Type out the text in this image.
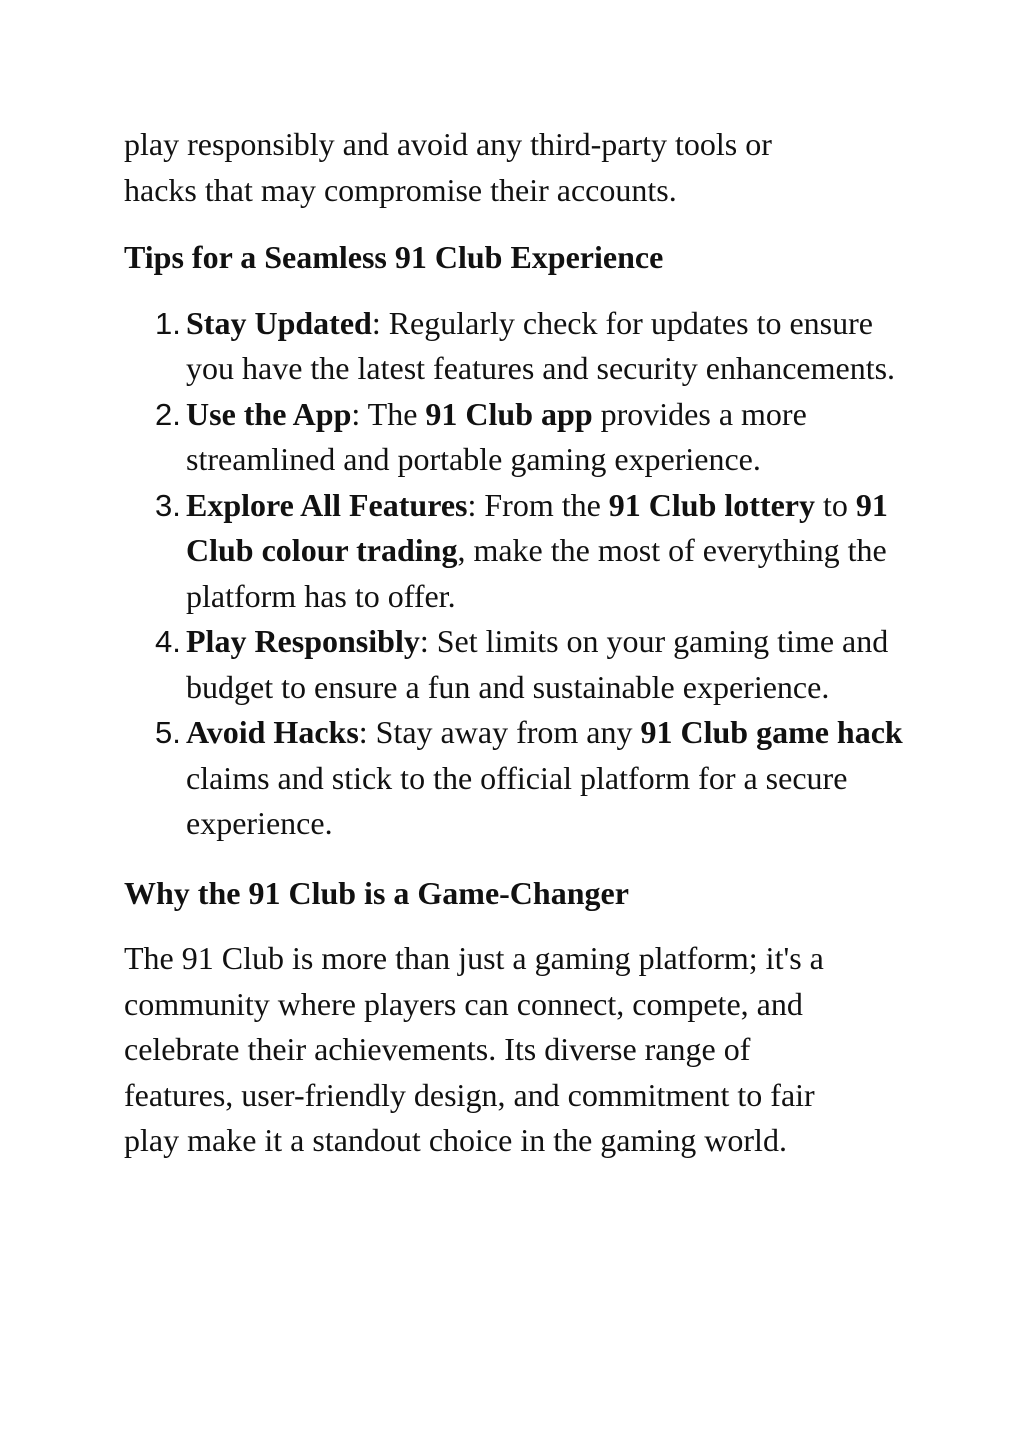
play responsibly and avoid any third-party tools or
hacks that may compromise their accounts.

Tips for a Seamless 91 Club Experience

1. Stay Updated: Regularly check for updates to ensure you have the latest features and security enhancements.
2. Use the App: The 91 Club app provides a more streamlined and portable gaming experience.
3. Explore All Features: From the 91 Club lottery to 91 Club colour trading, make the most of everything the platform has to offer.
4. Play Responsibly: Set limits on your gaming time and budget to ensure a fun and sustainable experience.
5. Avoid Hacks: Stay away from any 91 Club game hack claims and stick to the official platform for a secure experience.

Why the 91 Club is a Game-Changer

The 91 Club is more than just a gaming platform; it's a
community where players can connect, compete, and
celebrate their achievements. Its diverse range of
features, user-friendly design, and commitment to fair
play make it a standout choice in the gaming world.
